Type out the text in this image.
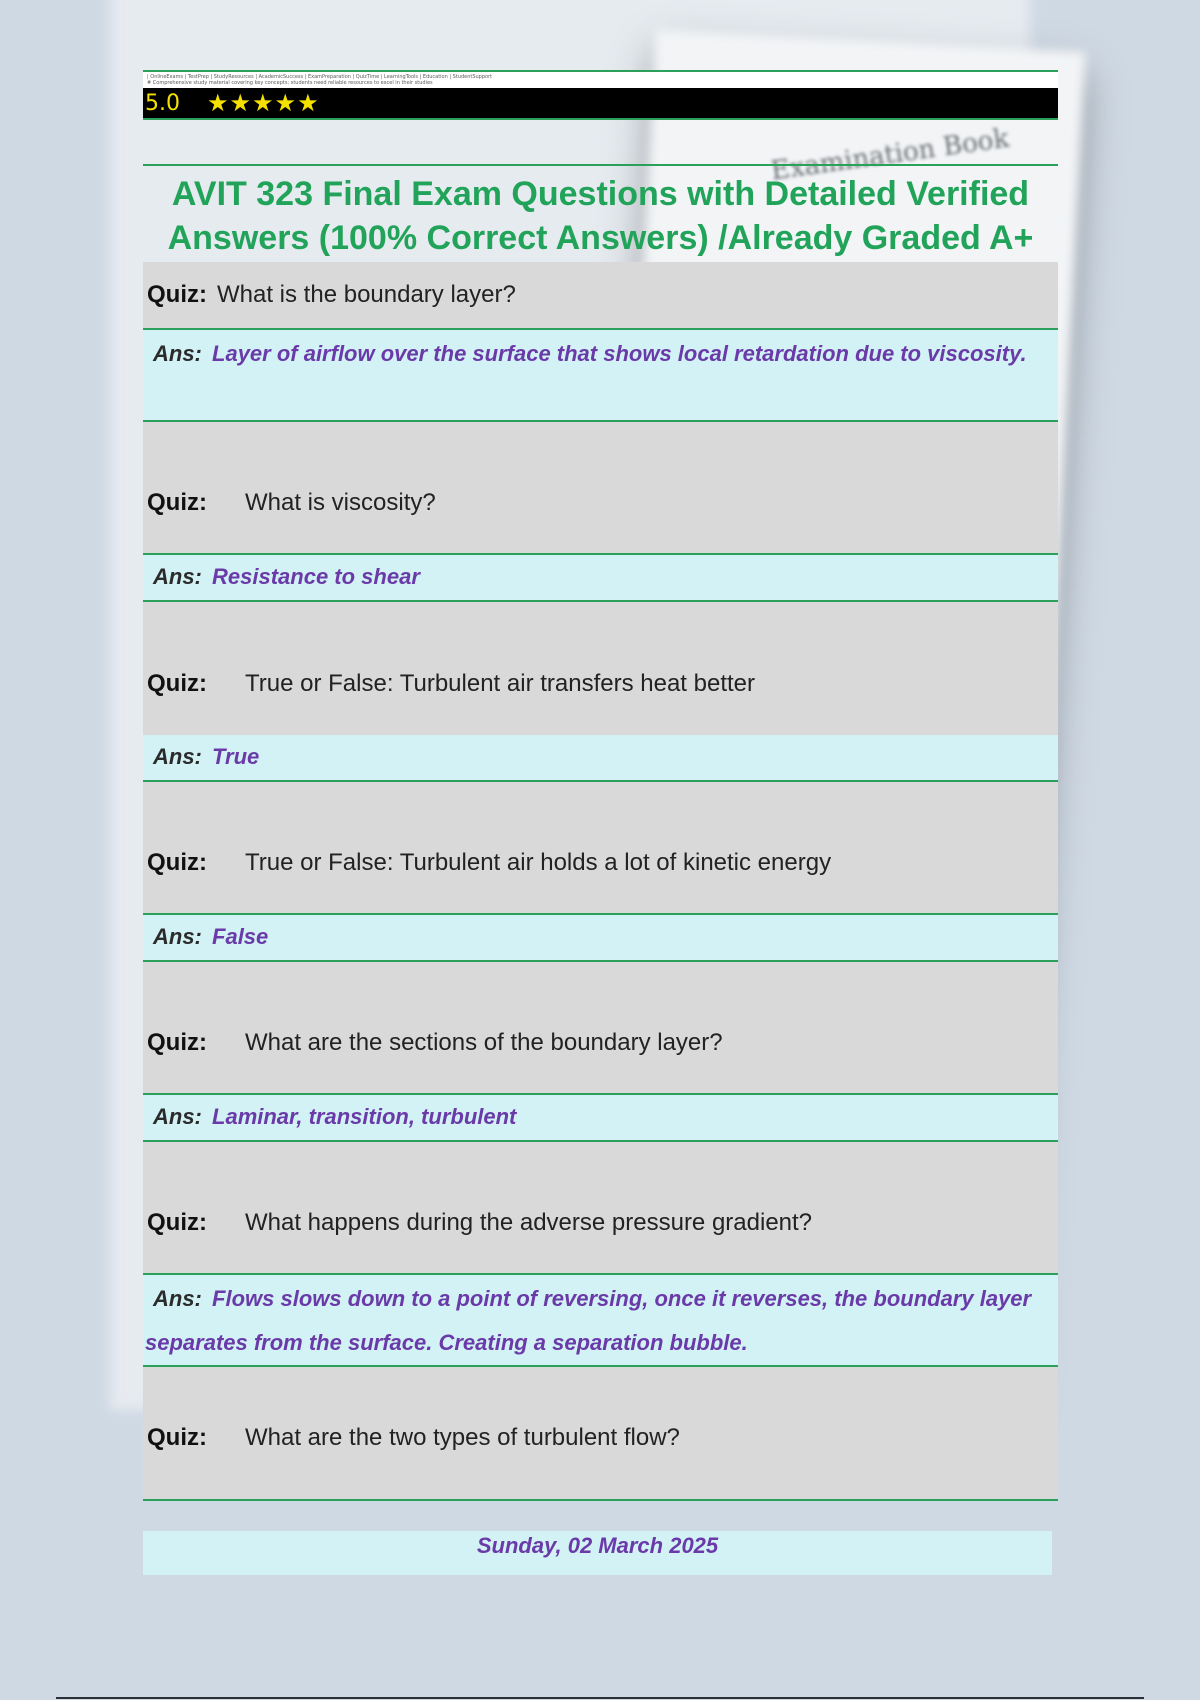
Examination Book
| OnlineExams | TestPrep | StudyResources | AcademicSuccess | ExamPreparation | QuizTime | LearningTools | Education | StudentSupport
# Comprehensive study material covering key concepts; students need reliable resources to excel in their studies
5.0	★★★★★
AVIT 323 Final Exam Questions with Detailed Verified Answers (100% Correct Answers) /Already Graded A+
Quiz: What is the boundary layer?
Ans: Layer of airflow over the surface that shows local retardation due to viscosity.
Quiz: What is viscosity?
Ans: Resistance to shear
Quiz: True or False: Turbulent air transfers heat better
Ans: True
Quiz: True or False: Turbulent air holds a lot of kinetic energy
Ans: False
Quiz: What are the sections of the boundary layer?
Ans: Laminar, transition, turbulent
Quiz: What happens during the adverse pressure gradient?
Ans: Flows slows down to a point of reversing, once it reverses, the boundary layer separates from the surface. Creating a separation bubble.
Quiz: What are the two types of turbulent flow?
Sunday, 02 March 2025
